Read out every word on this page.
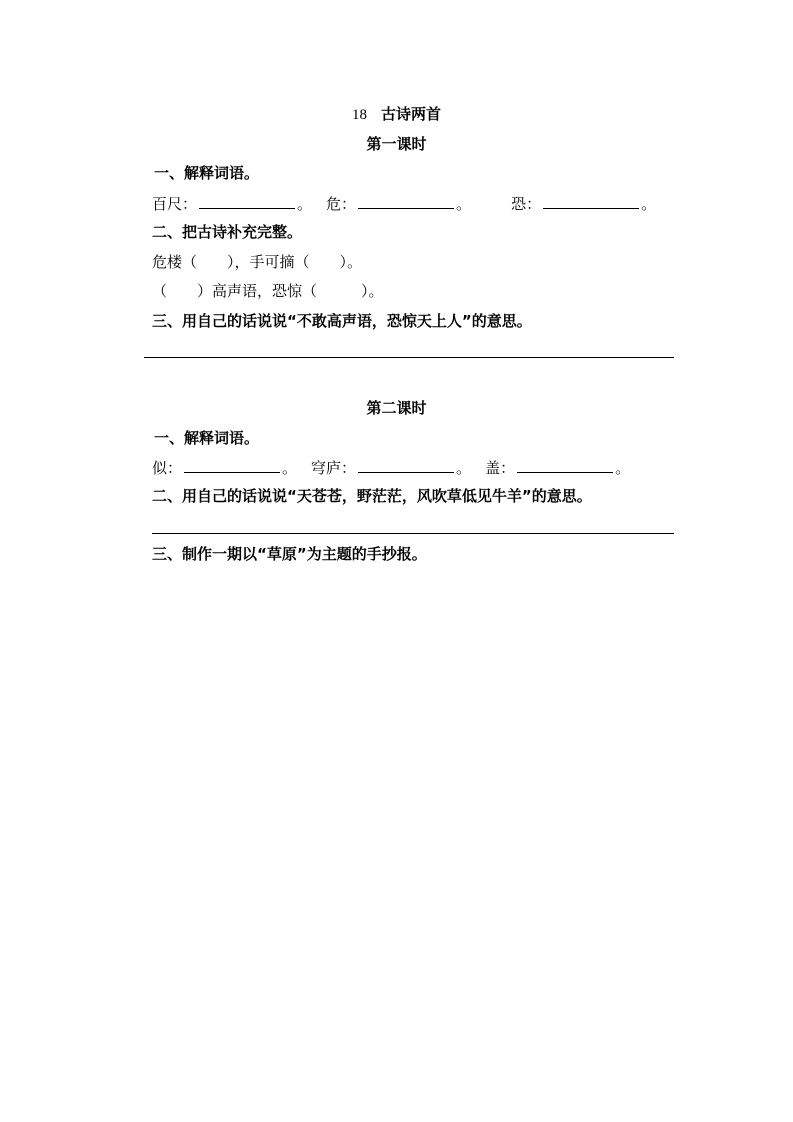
18 古诗两首
第一课时
一、解释词语。
百尺：	。 危：	。	恐：	。
二、把古诗补充完整。
危楼（ ），手可摘（ ）。
（ ）高声语，恐惊（	）。
三、用自己的话说说“不敢高声语，恐惊天上人”的意思。
第二课时
一、解释词语。
似：	。 穹庐：	。 盖：	。
二、用自己的话说说“天苍苍，野茫茫，风吹草低见牛羊”的意思。
三、制作一期以“草原”为主题的手抄报。
